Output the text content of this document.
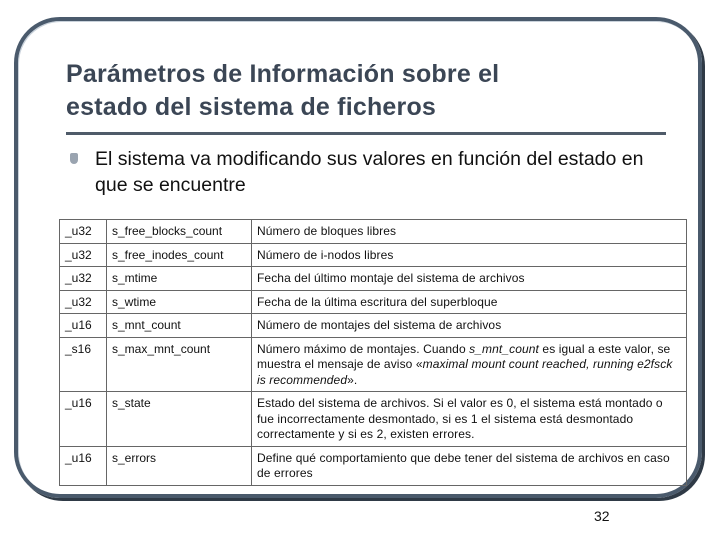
Parámetros de Información sobre el
estado del sistema de ficheros
El sistema va modificando sus valores en función del estado en que se encuentre
_u32	s_free_blocks_count	Número de bloques libres
_u32	s_free_inodes_count	Número de i-nodos libres
_u32	s_mtime	Fecha del último montaje del sistema de archivos
_u32	s_wtime	Fecha de la última escritura del superbloque
_u16	s_mnt_count	Número de montajes del sistema de archivos
_s16	s_max_mnt_count	Número máximo de montajes. Cuando s_mnt_count es igual a este valor, se muestra el mensaje de aviso «maximal mount count reached, running e2fsck is recommended».
_u16	s_state	Estado del sistema de archivos. Si el valor es 0, el sistema está montado o fue incorrectamente desmontado, si es 1 el sistema está desmontado correctamente y si es 2, existen errores.
_u16	s_errors	Define qué comportamiento que debe tener del sistema de archivos en caso de errores
32
